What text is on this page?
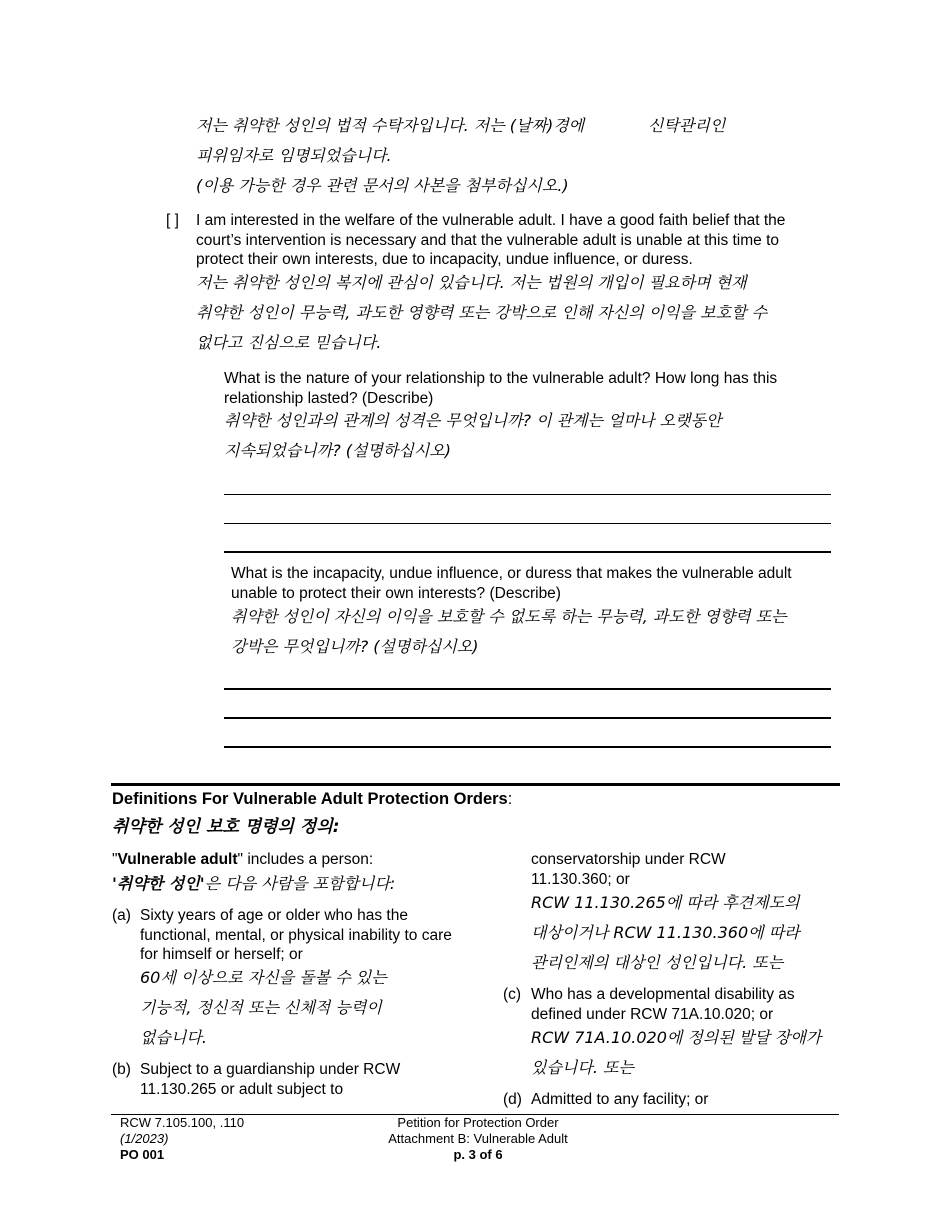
저는 취약한 성인의 법적 수탁자입니다. 저는 (날짜)경에	신탁관리인
피위임자로 임명되었습니다.
(이용 가능한 경우 관련 문서의 사본을 첨부하십시오.)
[ ] I am interested in the welfare of the vulnerable adult. I have a good faith belief that the court’s intervention is necessary and that the vulnerable adult is unable at this time to protect their own interests, due to incapacity, undue influence, or duress.
저는 취약한 성인의 복지에 관심이 있습니다. 저는 법원의 개입이 필요하며 현재
취약한 성인이 무능력, 과도한 영향력 또는 강박으로 인해 자신의 이익을 보호할 수
없다고 진심으로 믿습니다.
What is the nature of your relationship to the vulnerable adult? How long has this relationship lasted? (Describe)
취약한 성인과의 관계의 성격은 무엇입니까? 이 관계는 얼마나 오랫동안
지속되었습니까? (설명하십시오)
What is the incapacity, undue influence, or duress that makes the vulnerable adult unable to protect their own interests? (Describe)
취약한 성인이 자신의 이익을 보호할 수 없도록 하는 무능력, 과도한 영향력 또는
강박은 무엇입니까? (설명하십시오)
Definitions For Vulnerable Adult Protection Orders:
취약한 성인 보호 명령의 정의:
"Vulnerable adult" includes a person:
'취약한 성인'은 다음 사람을 포함합니다:
(a) Sixty years of age or older who has the functional, mental, or physical inability to care for himself or herself; or
60세 이상으로 자신을 돌볼 수 있는
기능적, 정신적 또는 신체적 능력이
없습니다.
(b) Subject to a guardianship under RCW 11.130.265 or adult subject to
conservatorship under RCW 11.130.360; or
RCW 11.130.265에 따라 후견제도의
대상이거나 RCW 11.130.360에 따라
관리인제의 대상인 성인입니다. 또는
(c) Who has a developmental disability as defined under RCW 71A.10.020; or
RCW 71A.10.020에 정의된 발달 장애가
있습니다. 또는
(d) Admitted to any facility; or
RCW 7.105.100, .110
(1/2023)
PO 001
Petition for Protection Order
Attachment B: Vulnerable Adult
p. 3 of 6
